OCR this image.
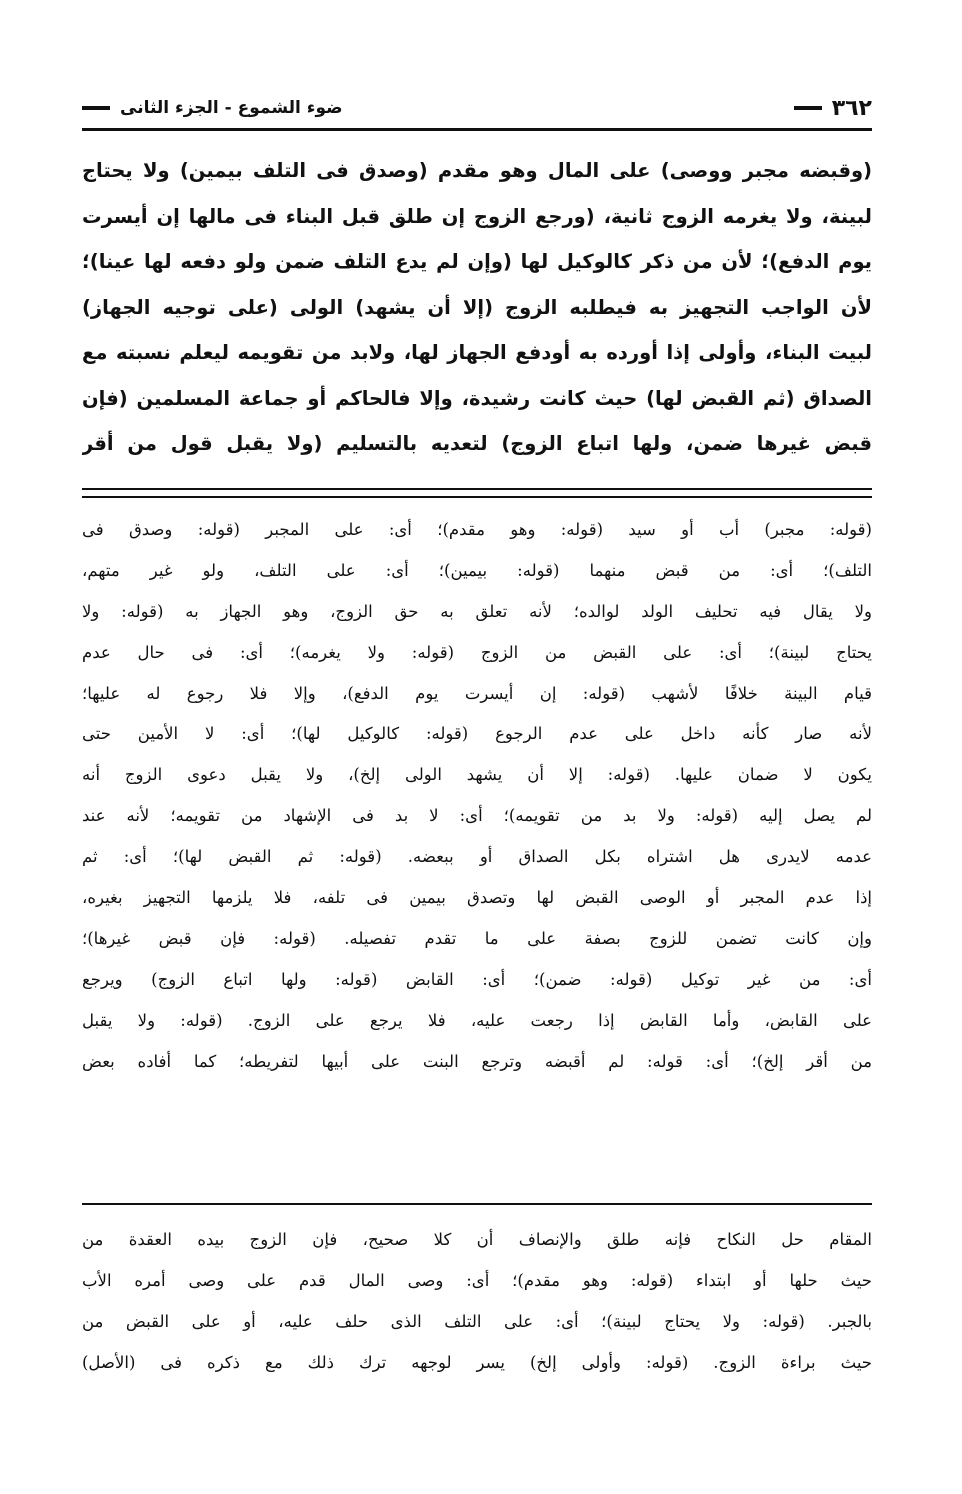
٣٦٢
ضوء الشموع - الجزء الثانى

(وقبضه مجبر ووصى) على المال وهو مقدم (وصدق فى التلف بيمين) ولا يحتاج

لبينة، ولا يغرمه الزوج ثانية، (ورجع الزوج إن طلق قبل البناء فى مالها إن أيسرت

يوم الدفع)؛ لأن من ذكر كالوكيل لها (وإن لم يدع التلف ضمن ولو دفعه لها عينا)؛

لأن الواجب التجهيز به فيطلبه الزوج (إلا أن يشهد) الولى (على توجيه الجهاز)

لبيت البناء، وأولى إذا أورده به أودفع الجهاز لها، ولابد من تقويمه ليعلم نسبته مع

الصداق (ثم القبض لها) حيث كانت رشيدة، وإلا فالحاكم أو جماعة المسلمين (فإن

قبض غيرها ضمن، ولها اتباع الزوج) لتعديه بالتسليم (ولا يقبل قول من أقر

(قوله: مجبر) أب أو سيد (قوله: وهو مقدم)؛ أى: على المجبر (قوله: وصدق فى

التلف)؛ أى: من قبض منهما (قوله: بيمين)؛ أى: على التلف، ولو غير متهم،

ولا يقال فيه تحليف الولد لوالده؛ لأنه تعلق به حق الزوج، وهو الجهاز به (قوله: ولا

يحتاج لبينة)؛ أى: على القبض من الزوج (قوله: ولا يغرمه)؛ أى: فى حال عدم

قيام البينة خلافًا لأشهب (قوله: إن أيسرت يوم الدفع)، وإلا فلا رجوع له عليها؛

لأنه صار كأنه داخل على عدم الرجوع (قوله: كالوكيل لها)؛ أى: لا الأمين حتى

يكون لا ضمان عليها. (قوله: إلا أن يشهد الولى إلخ)، ولا يقبل دعوى الزوج أنه

لم يصل إليه (قوله: ولا بد من تقويمه)؛ أى: لا بد فى الإشهاد من تقويمه؛ لأنه عند

عدمه لايدرى هل اشتراه بكل الصداق أو ببعضه. (قوله: ثم القبض لها)؛ أى: ثم

إذا عدم المجبر أو الوصى القبض لها وتصدق بيمين فى تلفه، فلا يلزمها التجهيز بغيره،

وإن كانت تضمن للزوج بصفة على ما تقدم تفصيله. (قوله: فإن قبض غيرها)؛

أى: من غير توكيل (قوله: ضمن)؛ أى: القابض (قوله: ولها اتباع الزوج) ويرجع

على القابض، وأما القابض إذا رجعت عليه، فلا يرجع على الزوج. (قوله: ولا يقبل

من أقر إلخ)؛ أى: قوله: لم أقبضه وترجع البنت على أبيها لتفريطه؛ كما أفاده بعض

المقام حل النكاح فإنه طلق والإنصاف أن كلا صحيح، فإن الزوج بيده العقدة من

حيث حلها أو ابتداء (قوله: وهو مقدم)؛ أى: وصى المال قدم على وصى أمره الأب

بالجبر. (قوله: ولا يحتاج لبينة)؛ أى: على التلف الذى حلف عليه، أو على القبض من

حيث براءة الزوج. (قوله: وأولى إلخ) يسر لوجهه ترك ذلك مع ذكره فى (الأصل)
